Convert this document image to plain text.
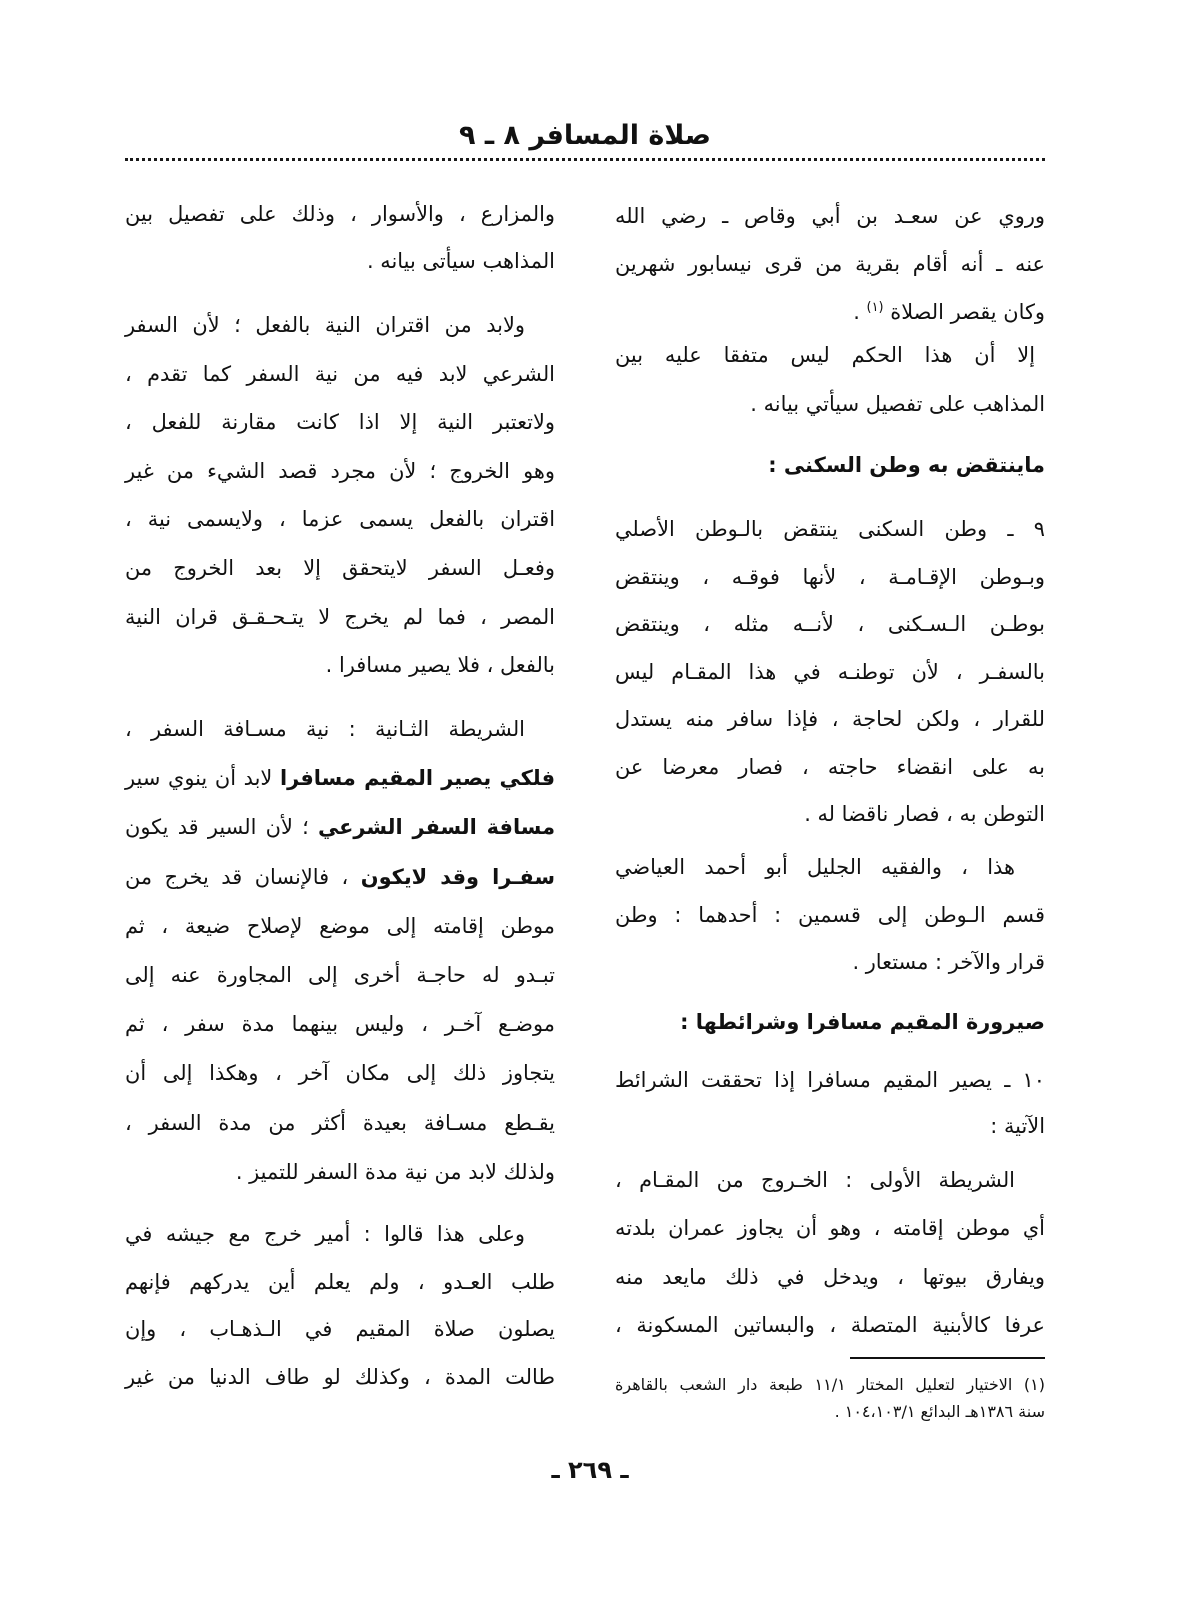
صلاة المسافر ٨ ـ ٩
وروي عن سعـد بن أبي وقاص ـ رضي الله
عنه ـ أنه أقام بقرية من قرى نيسابور شهرين
وكان يقصر الصلاة $^{(١)}$ .
إلا أن هذا الحكم ليس متفقا عليه بين
المذاهب على تفصيل سيأتي بيانه .
ماينتقض به وطن السكنى :
٩ ـ وطن السكنى ينتقض بالـوطن الأصلي
وبـوطن الإقـامـة ، لأنها فوقـه ، وينتقض
بوطـن الـسـكنى ، لأنــه مثله ، وينتقض
بالسفـر ، لأن توطنـه في هذا المقـام ليس
للقرار ، ولكن لحاجة ، فإذا سافر منه يستدل
به على انقضاء حاجته ، فصار معرضا عن
التوطن به ، فصار ناقضا له .
هذا ، والفقيه الجليل أبو أحمد العياضي
قسم الـوطن إلى قسمين : أحدهما : وطن
قرار والآخر : مستعار .
صيرورة المقيم مسافرا وشرائطها :
١٠ ـ يصير المقيم مسافرا إذا تحققت الشرائط
الآتية :
الشريطة الأولى : الخـروج من المقـام ،
أي موطن إقامته ، وهو أن يجاوز عمران بلدته
ويفارق بيوتها ، ويدخل في ذلك مايعد منه
عرفا كالأبنية المتصلة ، والبساتين المسكونة ،
(١) الاختيار لتعليل المختار ١١/١ طبعة دار الشعب بالقاهرة
سنة ١٣٨٦هـ البدائع ١٠٤،١٠٣/١ .
والمزارع ، والأسوار ، وذلك على تفصيل بين
المذاهب سيأتى بيانه .
ولابد من اقتران النية بالفعل ؛ لأن السفر
الشرعي لابد فيه من نية السفر كما تقدم ،
ولاتعتبر النية إلا اذا كانت مقارنة للفعل ،
وهو الخروج ؛ لأن مجرد قصد الشيء من غير
اقتران بالفعل يسمى عزما ، ولايسمى نية ،
وفعـل السفر لايتحقق إلا بعد الخروج من
المصر ، فما لم يخرج لا يتـحـقـق قران النية
بالفعل ، فلا يصير مسافرا .
الشريطة الثـانية : نية مسـافة السفر ،
فلكي يصير المقيم مسافرا لابد أن ينوي سير
مسافة السفر الشرعي ؛ لأن السير قد يكون
سفـرا وقد لايكون ، فالإنسان قد يخرج من
موطن إقامته إلى موضع لإصلاح ضيعة ، ثم
تبـدو له حاجـة أخرى إلى المجاورة عنه إلى
موضـع آخـر ، وليس بينهما مدة سفر ، ثم
يتجاوز ذلك إلى مكان آخر ، وهكذا إلى أن
يقـطع مسـافة بعيدة أكثر من مدة السفر ،
ولذلك لابد من نية مدة السفر للتميز .
وعلى هذا قالوا : أمير خرج مع جيشه في
طلب العـدو ، ولم يعلم أين يدركهم فإنهم
يصلون صلاة المقيم في الـذهـاب ، وإن
طالت المدة ، وكذلك لو طاف الدنيا من غير
ـ ٢٦٩ ـ
